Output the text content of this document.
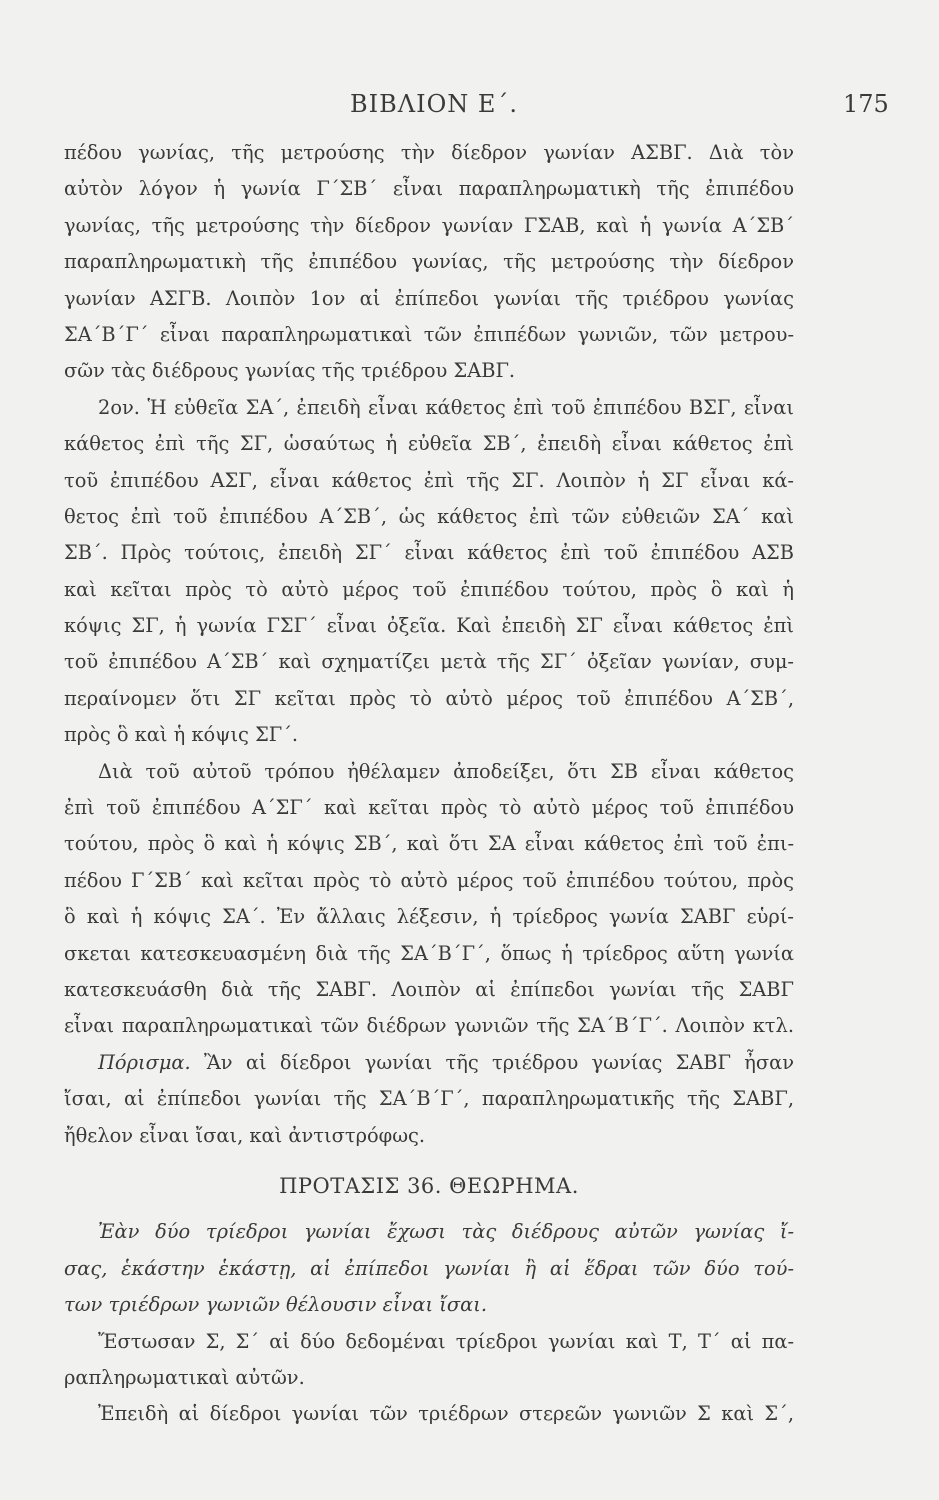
ΒΙΒΛΙΟΝ Ε΄.	175
πέδου γωνίας, τῆς μετρούσης τὴν δίεδρον γωνίαν ΑΣΒΓ. Διὰ τὸν
αὐτὸν λόγον ἡ γωνία Γ΄ΣΒ΄ εἶναι παραπληρωματικὴ τῆς ἐπιπέδου
γωνίας, τῆς μετρούσης τὴν δίεδρον γωνίαν ΓΣΑΒ, καὶ ἡ γωνία Α΄ΣΒ΄
παραπληρωματικὴ τῆς ἐπιπέδου γωνίας, τῆς μετρούσης τὴν δίεδρον
γωνίαν ΑΣΓΒ. Λοιπὸν 1ον αἱ ἐπίπεδοι γωνίαι τῆς τριέδρου γωνίας
ΣΑ΄Β΄Γ΄ εἶναι παραπληρωματικαὶ τῶν ἐπιπέδων γωνιῶν, τῶν μετρου-
σῶν τὰς διέδρους γωνίας τῆς τριέδρου ΣΑΒΓ.
2ον. Ἡ εὐθεῖα ΣΑ΄, ἐπειδὴ εἶναι κάθετος ἐπὶ τοῦ ἐπιπέδου ΒΣΓ, εἶναι
κάθετος ἐπὶ τῆς ΣΓ, ὡσαύτως ἡ εὐθεῖα ΣΒ΄, ἐπειδὴ εἶναι κάθετος ἐπὶ
τοῦ ἐπιπέδου ΑΣΓ, εἶναι κάθετος ἐπὶ τῆς ΣΓ. Λοιπὸν ἡ ΣΓ εἶναι κά-
θετος ἐπὶ τοῦ ἐπιπέδου Α΄ΣΒ΄, ὡς κάθετος ἐπὶ τῶν εὐθειῶν ΣΑ΄ καὶ
ΣΒ΄. Πρὸς τούτοις, ἐπειδὴ ΣΓ΄ εἶναι κάθετος ἐπὶ τοῦ ἐπιπέδου ΑΣΒ
καὶ κεῖται πρὸς τὸ αὐτὸ μέρος τοῦ ἐπιπέδου τούτου, πρὸς ὃ καὶ ἡ
κόψις ΣΓ, ἡ γωνία ΓΣΓ΄ εἶναι ὀξεῖα. Καὶ ἐπειδὴ ΣΓ εἶναι κάθετος ἐπὶ
τοῦ ἐπιπέδου Α΄ΣΒ΄ καὶ σχηματίζει μετὰ τῆς ΣΓ΄ ὀξεῖαν γωνίαν, συμ-
περαίνομεν ὅτι ΣΓ κεῖται πρὸς τὸ αὐτὸ μέρος τοῦ ἐπιπέδου Α΄ΣΒ΄,
πρὸς ὃ καὶ ἡ κόψις ΣΓ΄.
Διὰ τοῦ αὐτοῦ τρόπου ἠθέλαμεν ἀποδείξει, ὅτι ΣΒ εἶναι κάθετος
ἐπὶ τοῦ ἐπιπέδου Α΄ΣΓ΄ καὶ κεῖται πρὸς τὸ αὐτὸ μέρος τοῦ ἐπιπέδου
τούτου, πρὸς ὃ καὶ ἡ κόψις ΣΒ΄, καὶ ὅτι ΣΑ εἶναι κάθετος ἐπὶ τοῦ ἐπι-
πέδου Γ΄ΣΒ΄ καὶ κεῖται πρὸς τὸ αὐτὸ μέρος τοῦ ἐπιπέδου τούτου, πρὸς
ὃ καὶ ἡ κόψις ΣΑ΄. Ἐν ἄλλαις λέξεσιν, ἡ τρίεδρος γωνία ΣΑΒΓ εὑρί-
σκεται κατεσκευασμένη διὰ τῆς ΣΑ΄Β΄Γ΄, ὅπως ἡ τρίεδρος αὕτη γωνία
κατεσκευάσθη διὰ τῆς ΣΑΒΓ. Λοιπὸν αἱ ἐπίπεδοι γωνίαι τῆς ΣΑΒΓ
εἶναι παραπληρωματικαὶ τῶν διέδρων γωνιῶν τῆς ΣΑ΄Β΄Γ΄. Λοιπὸν κτλ.
Πόρισμα. Ἂν αἱ δίεδροι γωνίαι τῆς τριέδρου γωνίας ΣΑΒΓ ἦσαν
ἴσαι, αἱ ἐπίπεδοι γωνίαι τῆς ΣΑ΄Β΄Γ΄, παραπληρωματικῆς τῆς ΣΑΒΓ,
ἤθελον εἶναι ἴσαι, καὶ ἀντιστρόφως.
ΠΡΟΤΑΣΙΣ 36. ΘΕΩΡΗΜΑ.
Ἐὰν δύο τρίεδροι γωνίαι ἔχωσι τὰς διέδρους αὐτῶν γωνίας ἴ-
σας, ἑκάστην ἑκάστῃ, αἱ ἐπίπεδοι γωνίαι ἢ αἱ ἕδραι τῶν δύο τού-
των τριέδρων γωνιῶν θέλουσιν εἶναι ἴσαι.
Ἔστωσαν Σ, Σ΄ αἱ δύο δεδομέναι τρίεδροι γωνίαι καὶ Τ, Τ΄ αἱ πα-
ραπληρωματικαὶ αὐτῶν.
Ἐπειδὴ αἱ δίεδροι γωνίαι τῶν τριέδρων στερεῶν γωνιῶν Σ καὶ Σ΄,
